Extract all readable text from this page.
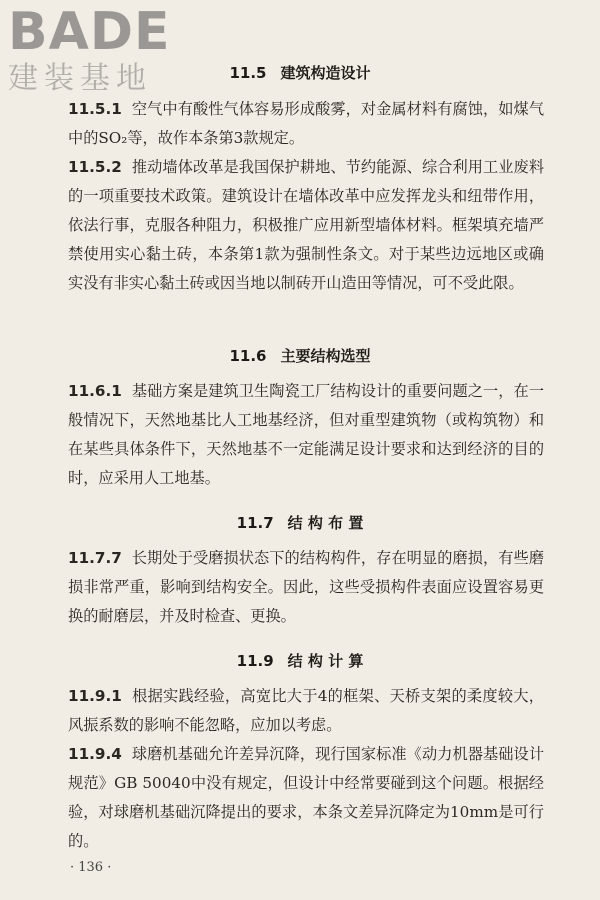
BADE
建装基地	11.5 建筑构造设计

11.5.1 空气中有酸性气体容易形成酸雾，对金属材料有腐蚀，如煤气中的SO₂等，故作本条第3款规定。

11.5.2 推动墙体改革是我国保护耕地、节约能源、综合利用工业废料的一项重要技术政策。建筑设计在墙体改革中应发挥龙头和纽带作用，依法行事，克服各种阻力，积极推广应用新型墙体材料。框架填充墙严禁使用实心黏土砖，本条第1款为强制性条文。对于某些边远地区或确实没有非实心黏土砖或因当地以制砖开山造田等情况，可不受此限。

11.6 主要结构选型

11.6.1 基础方案是建筑卫生陶瓷工厂结构设计的重要问题之一，在一般情况下，天然地基比人工地基经济，但对重型建筑物（或构筑物）和在某些具体条件下，天然地基不一定能满足设计要求和达到经济的目的时，应采用人工地基。

11.7 结 构 布 置

11.7.7 长期处于受磨损状态下的结构构件，存在明显的磨损，有些磨损非常严重，影响到结构安全。因此，这些受损构件表面应设置容易更换的耐磨层，并及时检查、更换。

11.9 结 构 计 算

11.9.1 根据实践经验，高宽比大于4的框架、天桥支架的柔度较大，风振系数的影响不能忽略，应加以考虑。

11.9.4 球磨机基础允许差异沉降，现行国家标准《动力机器基础设计规范》GB 50040中没有规定，但设计中经常要碰到这个问题。根据经验，对球磨机基础沉降提出的要求，本条文差异沉降定为10mm是可行的。

· 136 ·
